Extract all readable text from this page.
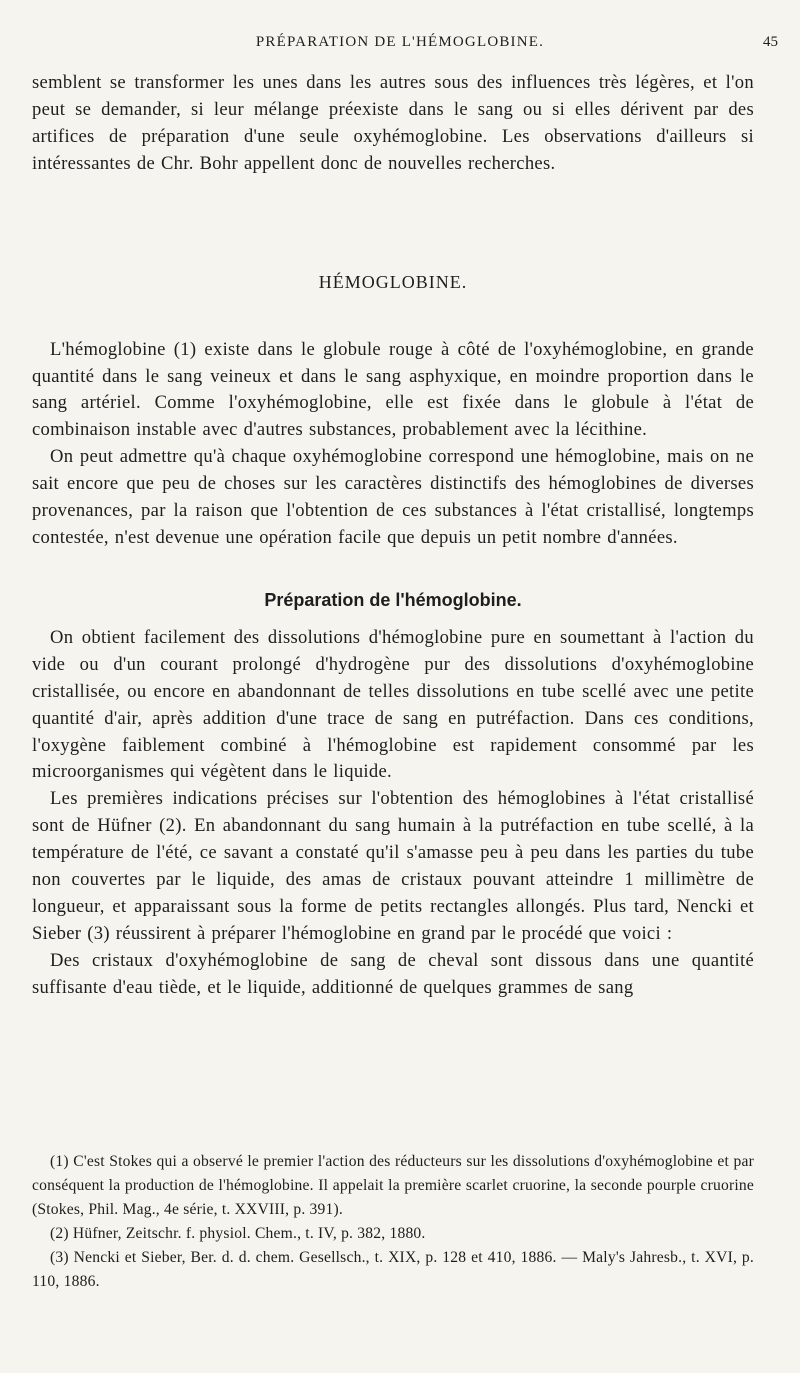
PRÉPARATION DE L'HÉMOGLOBINE.	45

semblent se transformer les unes dans les autres sous des influences très légères, et l'on peut se demander, si leur mélange préexiste dans le sang ou si elles dérivent par des artifices de préparation d'une seule oxyhémoglobine. Les observations d'ailleurs si intéressantes de Chr. Bohr appellent donc de nouvelles recherches.

HÉMOGLOBINE.

L'hémoglobine (1) existe dans le globule rouge à côté de l'oxyhémoglobine, en grande quantité dans le sang veineux et dans le sang asphyxique, en moindre proportion dans le sang artériel. Comme l'oxyhémoglobine, elle est fixée dans le globule à l'état de combinaison instable avec d'autres substances, probablement avec la lécithine.

On peut admettre qu'à chaque oxyhémoglobine correspond une hémoglobine, mais on ne sait encore que peu de choses sur les caractères distinctifs des hémoglobines de diverses provenances, par la raison que l'obtention de ces substances à l'état cristallisé, longtemps contestée, n'est devenue une opération facile que depuis un petit nombre d'années.

Préparation de l'hémoglobine.

On obtient facilement des dissolutions d'hémoglobine pure en soumettant à l'action du vide ou d'un courant prolongé d'hydrogène pur des dissolutions d'oxyhémoglobine cristallisée, ou encore en abandonnant de telles dissolutions en tube scellé avec une petite quantité d'air, après addition d'une trace de sang en putréfaction. Dans ces conditions, l'oxygène faiblement combiné à l'hémoglobine est rapidement consommé par les microorganismes qui végètent dans le liquide.

Les premières indications précises sur l'obtention des hémoglobines à l'état cristallisé sont de Hüfner (2). En abandonnant du sang humain à la putréfaction en tube scellé, à la température de l'été, ce savant a constaté qu'il s'amasse peu à peu dans les parties du tube non couvertes par le liquide, des amas de cristaux pouvant atteindre 1 millimètre de longueur, et apparaissant sous la forme de petits rectangles allongés. Plus tard, Nencki et Sieber (3) réussirent à préparer l'hémoglobine en grand par le procédé que voici :

Des cristaux d'oxyhémoglobine de sang de cheval sont dissous dans une quantité suffisante d'eau tiède, et le liquide, additionné de quelques grammes de sang

(1) C'est Stokes qui a observé le premier l'action des réducteurs sur les dissolutions d'oxyhémoglobine et par conséquent la production de l'hémoglobine. Il appelait la première scarlet cruorine, la seconde pourple cruorine (Stokes, Phil. Mag., 4e série, t. XXVIII, p. 391).

(2) Hüfner, Zeitschr. f. physiol. Chem., t. IV, p. 382, 1880.

(3) Nencki et Sieber, Ber. d. d. chem. Gesellsch., t. XIX, p. 128 et 410, 1886. — Maly's Jahresb., t. XVI, p. 110, 1886.
